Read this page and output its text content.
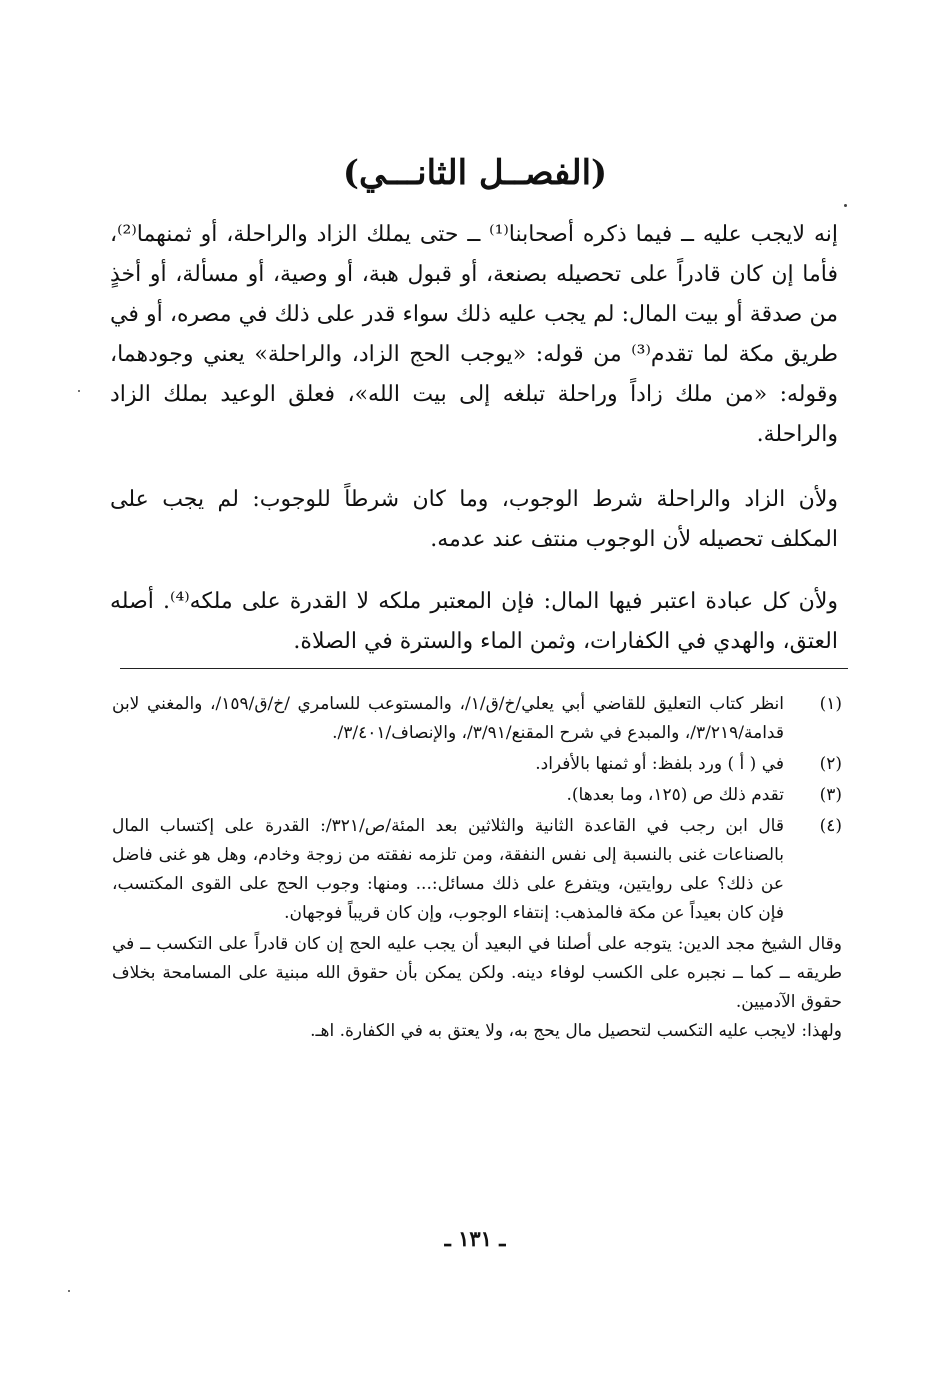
(الفصــل الثانـــي)

إنه لايجب عليه ــ فيما ذكره أصحابنا⁽¹⁾ ــ حتى يملك الزاد والراحلة، أو ثمنهما⁽²⁾، فأما إن كان قادراً على تحصيله بصنعة، أو قبول هبة، أو وصية، أو مسألة، أو أخذٍ من صدقة أو بيت المال: لم يجب عليه ذلك سواء قدر على ذلك في مصره، أو في طريق مكة لما تقدم⁽³⁾ من قوله: «يوجب الحج الزاد، والراحلة» يعني وجودهما، وقوله: «من ملك زاداً وراحلة تبلغه إلى بيت الله»، فعلق الوعيد بملك الزاد والراحلة.

ولأن الزاد والراحلة شرط الوجوب، وما كان شرطاً للوجوب: لم يجب على المكلف تحصيله لأن الوجوب منتف عند عدمه.

ولأن كل عبادة اعتبر فيها المال: فإن المعتبر ملكه لا القدرة على ملكه⁽⁴⁾. أصله العتق، والهدي في الكفارات، وثمن الماء والسترة في الصلاة.

(١)
انظر كتاب التعليق للقاضي أبي يعلي/خ/ق/١/، والمستوعب للسامري /خ/ق/١٥٩/، والمغني لابن قدامة/٣/٢١٩/، والمبدع في شرح المقنع/٣/٩١/، والإنصاف/٣/٤٠١/.
(٢)
في ( أ ) ورد بلفظ: أو ثمنها بالأفراد.
(٣)
تقدم ذلك ص (١٢٥، وما بعدها).
(٤)
قال ابن رجب في القاعدة الثانية والثلاثين بعد المئة/ص/٣٢١/: القدرة على إكتساب المال بالصناعات غنى بالنسبة إلى نفس النفقة، ومن تلزمه نفقته من زوجة وخادم، وهل هو غنى فاضل عن ذلك؟ على روايتين، ويتفرع على ذلك مسائل:... ومنها: وجوب الحج على القوى المكتسب، فإن كان بعيداً عن مكة فالمذهب: إنتفاء الوجوب، وإن كان قريباً فوجهان.

وقال الشيخ مجد الدين: يتوجه على أصلنا في البعيد أن يجب عليه الحج إن كان قادراً على التكسب ــ في طريقه ــ كما ــ نجبره على الكسب لوفاء دينه. ولكن يمكن بأن حقوق الله مبنية على المسامحة بخلاف حقوق الآدميين.

ولهذا: لايجب عليه التكسب لتحصيل مال يحج به، ولا يعتق به في الكفارة. اهـ.

ـ ١٣١ ـ
